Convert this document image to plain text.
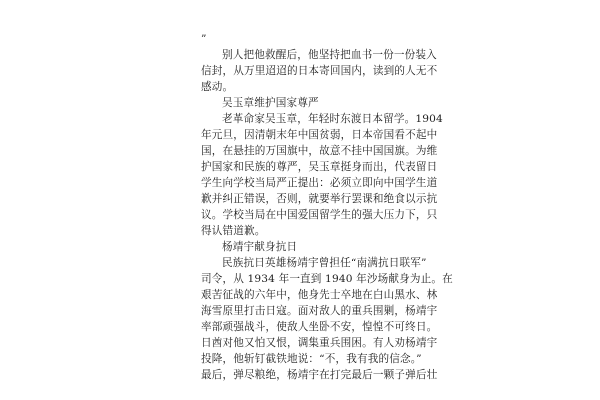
”
别人把他救醒后，他坚持把血书一份一份装入
信封，从万里迢迢的日本寄回国内，读到的人无不
感动。
吴玉章维护国家尊严
老革命家吴玉章，年轻时东渡日本留学。1904
年元旦，因清朝末年中国贫弱，日本帝国看不起中
国，在悬挂的万国旗中，故意不挂中国国旗。为维
护国家和民族的尊严，吴玉章挺身而出，代表留日
学生向学校当局严正提出：必须立即向中国学生道
歉并纠正错误，否则，就要举行罢课和绝食以示抗
议。学校当局在中国爱国留学生的强大压力下，只
得认错道歉。
杨靖宇献身抗日
民族抗日英雄杨靖宇曾担任“南满抗日联军”
司令，从 1934 年一直到 1940 年沙场献身为止。在
艰苦征战的六年中，他身先士卒地在白山黑水、林
海雪原里打击日寇。面对敌人的重兵围剿，杨靖宇
率部顽强战斗，使敌人坐卧不安，惶惶不可终日。
日酋对他又怕又恨，调集重兵围困。有人劝杨靖宇
投降，他斩钉截铁地说：“不，我有我的信念。”
最后，弹尽粮绝，杨靖宇在打完最后一颗子弹后壮
